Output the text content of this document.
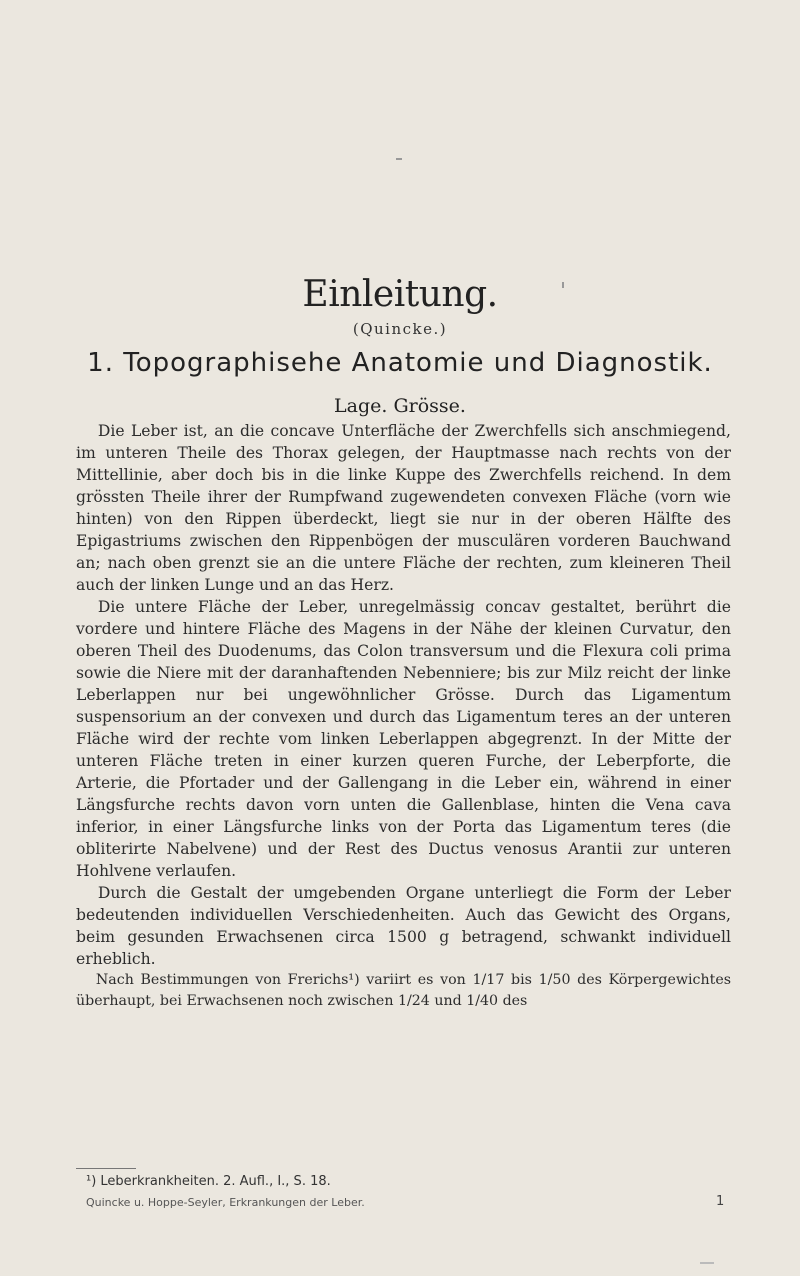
Einleitung.
(Quincke.)
1. Topographisehe Anatomie und Diagnostik.
Lage. Grösse.

Die Leber ist, an die concave Unterfläche der Zwerchfells sich anschmiegend, im unteren Theile des Thorax gelegen, der Hauptmasse nach rechts von der Mittellinie, aber doch bis in die linke Kuppe des Zwerchfells reichend. In dem grössten Theile ihrer der Rumpfwand zugewendeten convexen Fläche (vorn wie hinten) von den Rippen überdeckt, liegt sie nur in der oberen Hälfte des Epigastriums zwischen den Rippenbögen der musculären vorderen Bauchwand an; nach oben grenzt sie an die untere Fläche der rechten, zum kleineren Theil auch der linken Lunge und an das Herz.

Die untere Fläche der Leber, unregelmässig concav gestaltet, berührt die vordere und hintere Fläche des Magens in der Nähe der kleinen Curvatur, den oberen Theil des Duodenums, das Colon transversum und die Flexura coli prima sowie die Niere mit der daranhaftenden Nebenniere; bis zur Milz reicht der linke Leberlappen nur bei ungewöhnlicher Grösse. Durch das Ligamentum suspensorium an der convexen und durch das Ligamentum teres an der unteren Fläche wird der rechte vom linken Leberlappen abgegrenzt. In der Mitte der unteren Fläche treten in einer kurzen queren Furche, der Leberpforte, die Arterie, die Pfortader und der Gallengang in die Leber ein, während in einer Längsfurche rechts davon vorn unten die Gallenblase, hinten die Vena cava inferior, in einer Längsfurche links von der Porta das Ligamentum teres (die obliterirte Nabelvene) und der Rest des Ductus venosus Arantii zur unteren Hohlvene verlaufen.

Durch die Gestalt der umgebenden Organe unterliegt die Form der Leber bedeutenden individuellen Verschiedenheiten. Auch das Gewicht des Organs, beim gesunden Erwachsenen circa 1500 g betragend, schwankt individuell erheblich.

Nach Bestimmungen von Frerichs¹) variirt es von 1/17 bis 1/50 des Körpergewichtes überhaupt, bei Erwachsenen noch zwischen 1/24 und 1/40 des

¹) Leberkrankheiten. 2. Aufl., I., S. 18.
Quincke u. Hoppe-Seyler, Erkrankungen der Leber.	1
